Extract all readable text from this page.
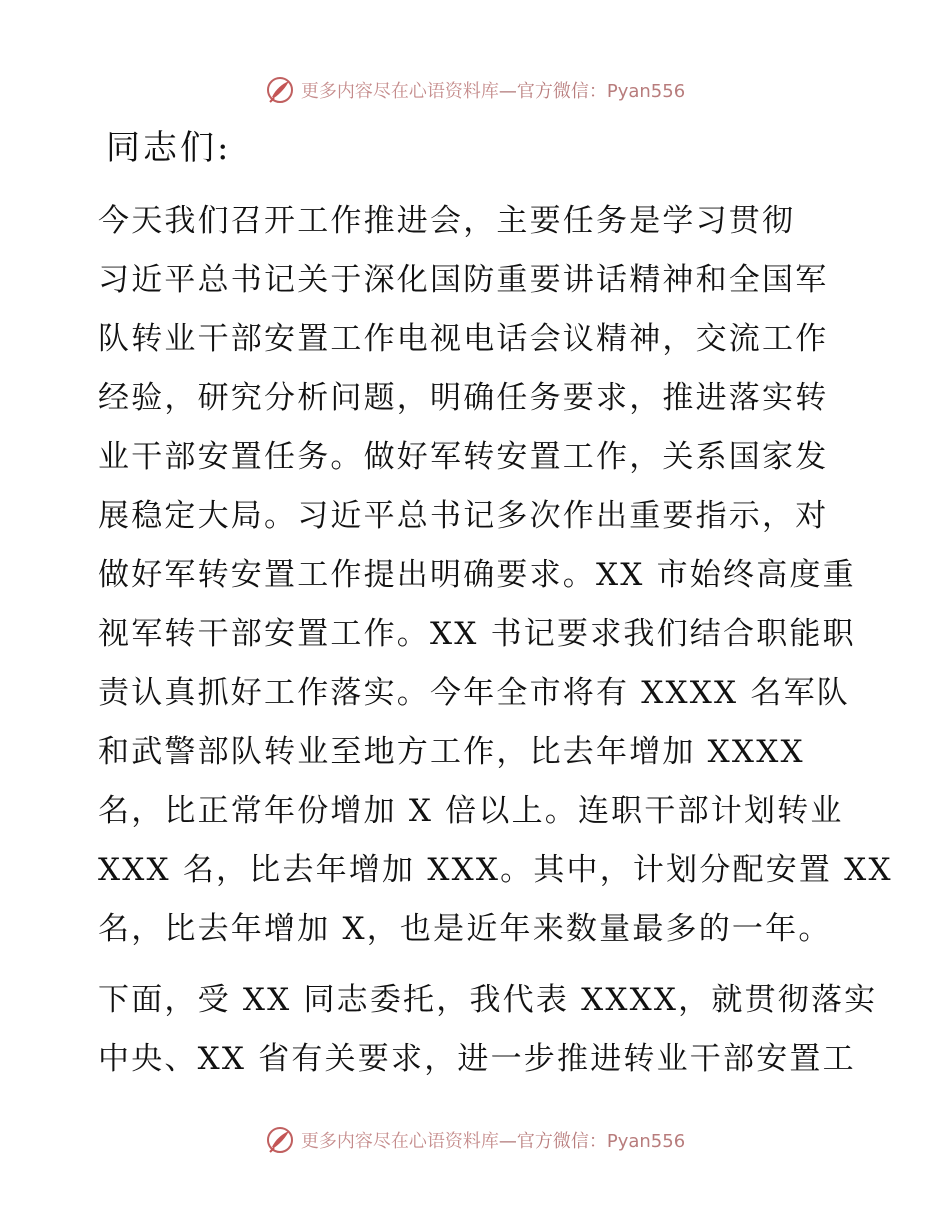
更多内容尽在心语资料库—官方微信：Pyan556
同志们:
今天我们召开工作推进会，主要任务是学习贯彻
习近平总书记关于深化国防重要讲话精神和全国军
队转业干部安置工作电视电话会议精神，交流工作
经验，研究分析问题，明确任务要求，推进落实转
业干部安置任务。做好军转安置工作，关系国家发
展稳定大局。习近平总书记多次作出重要指示，对
做好军转安置工作提出明确要求。XX 市始终高度重
视军转干部安置工作。XX 书记要求我们结合职能职
责认真抓好工作落实。今年全市将有 XXXX 名军队
和武警部队转业至地方工作，比去年增加 XXXX
名，比正常年份增加 X 倍以上。连职干部计划转业
XXX 名，比去年增加 XXX。其中，计划分配安置 XX
名，比去年增加 X，也是近年来数量最多的一年。
下面，受 XX 同志委托，我代表 XXXX，就贯彻落实
中央、XX 省有关要求，进一步推进转业干部安置工
更多内容尽在心语资料库—官方微信：Pyan556
